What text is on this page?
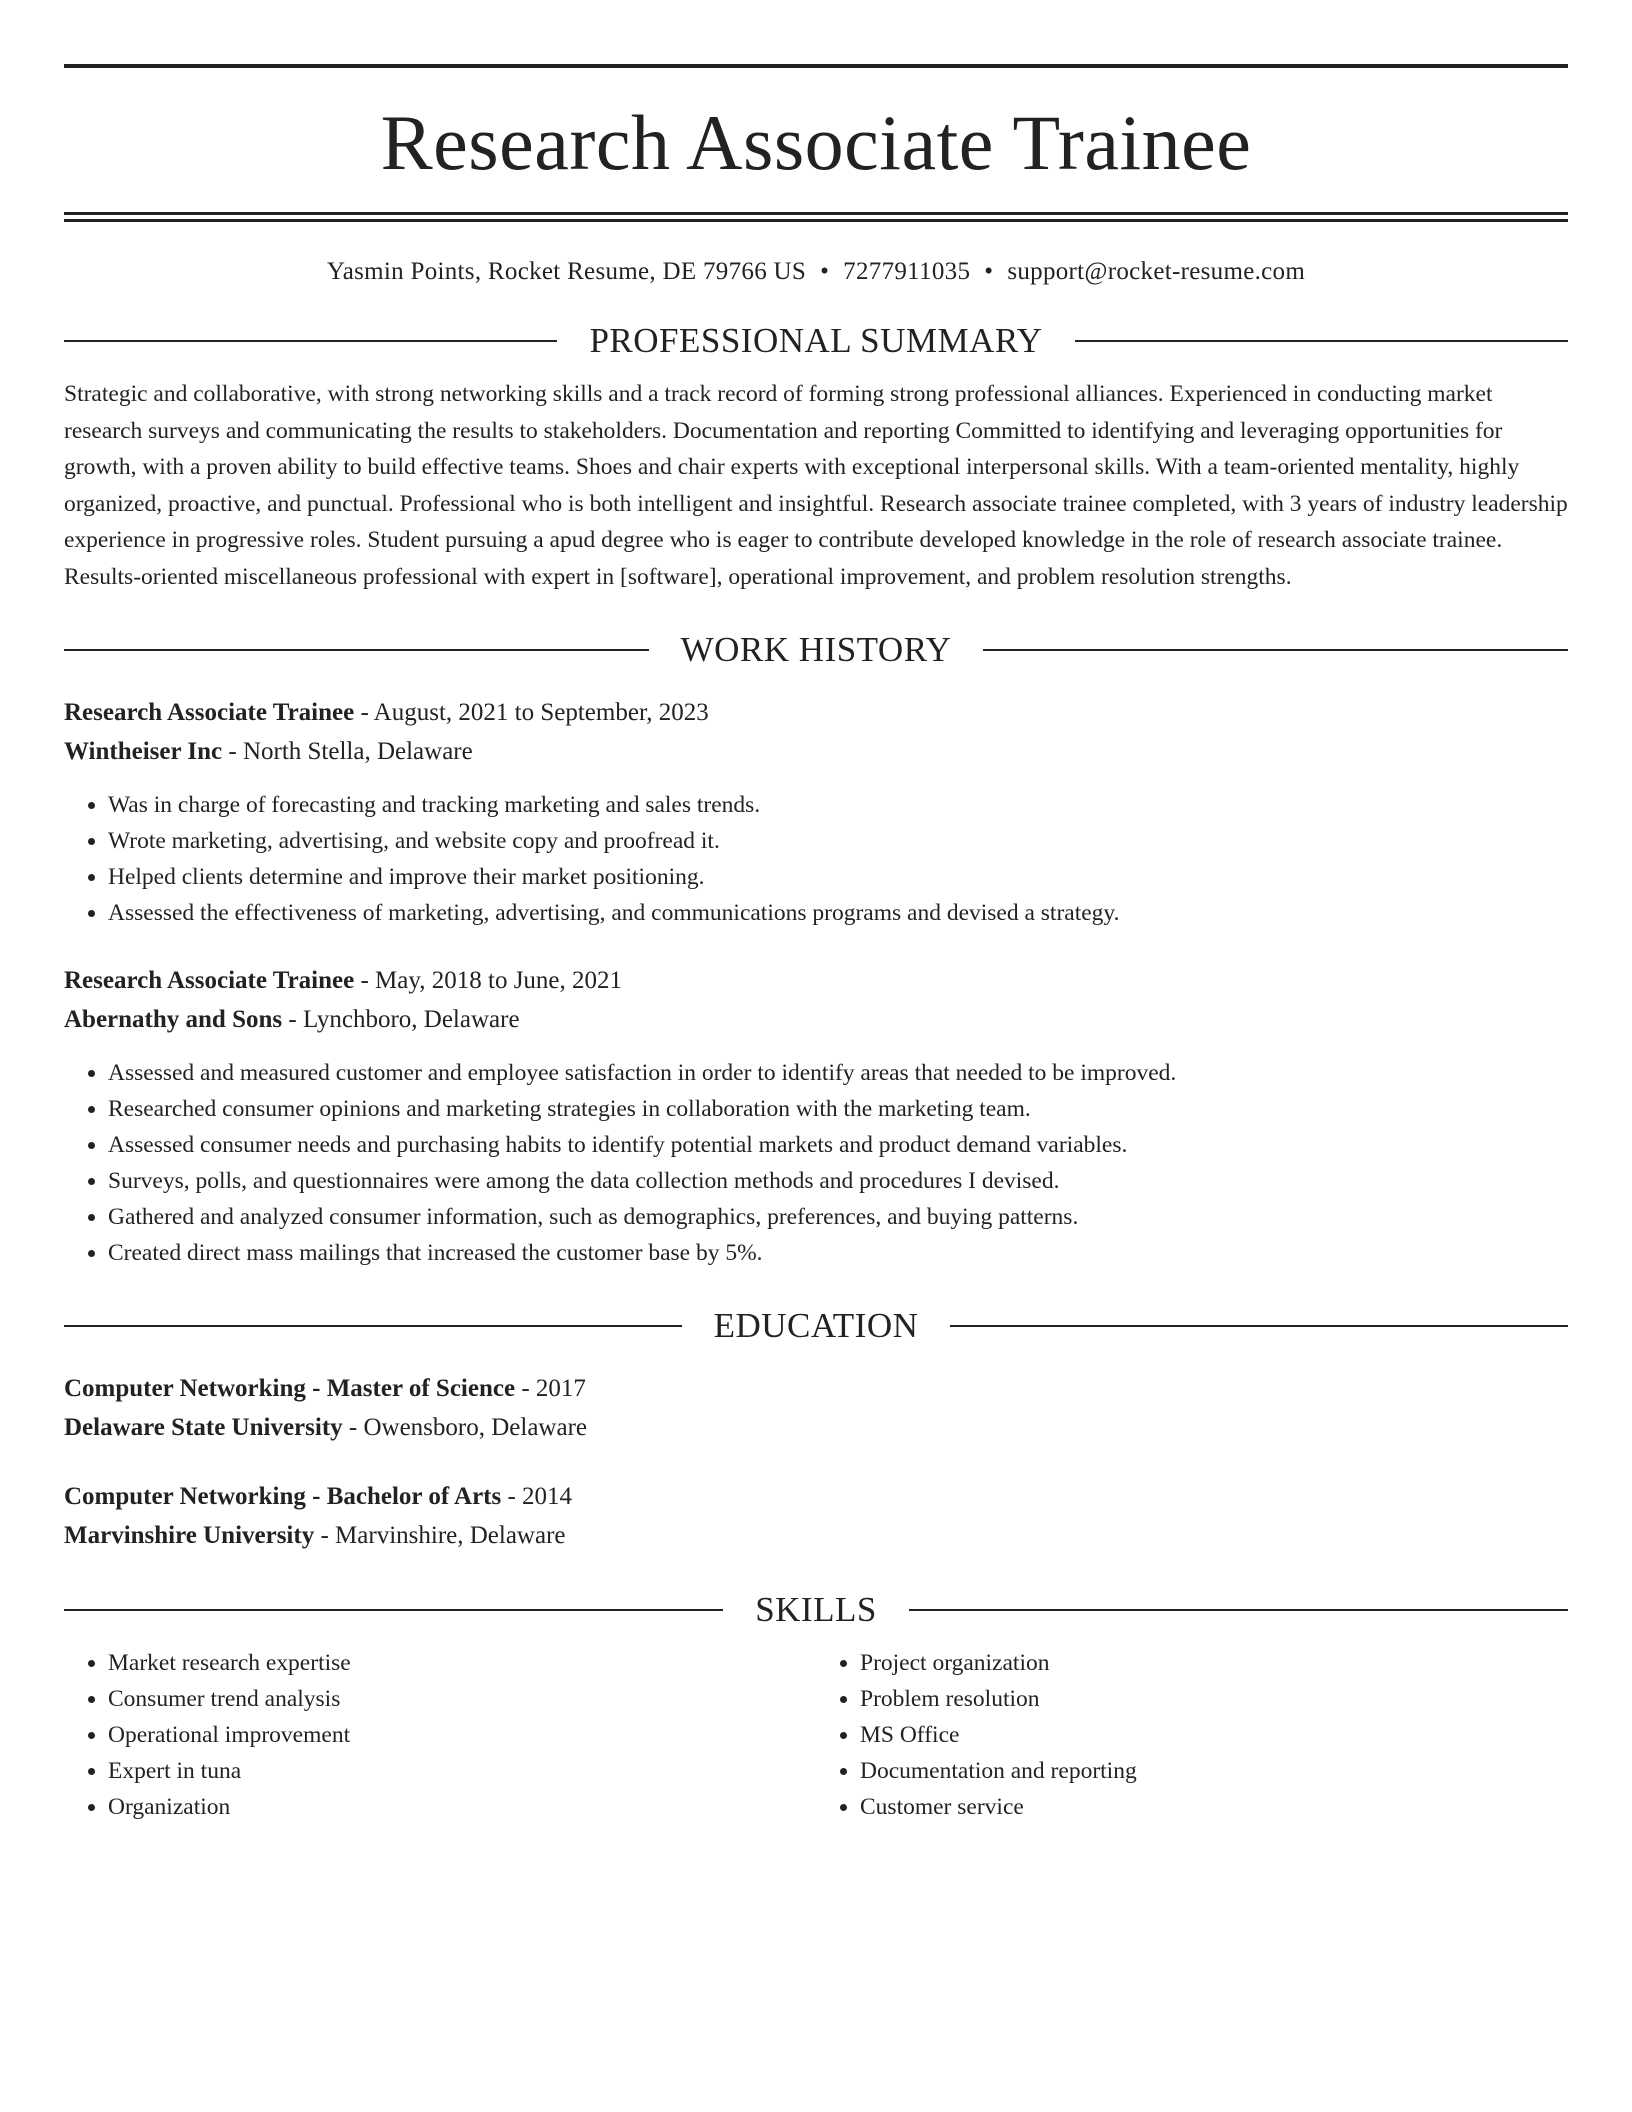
Research Associate Trainee
Yasmin Points, Rocket Resume, DE 79766 US • 7277911035 • support@rocket-resume.com
PROFESSIONAL SUMMARY
Strategic and collaborative, with strong networking skills and a track record of forming strong professional alliances. Experienced in conducting market research surveys and communicating the results to stakeholders. Documentation and reporting Committed to identifying and leveraging opportunities for growth, with a proven ability to build effective teams. Shoes and chair experts with exceptional interpersonal skills. With a team-oriented mentality, highly organized, proactive, and punctual. Professional who is both intelligent and insightful. Research associate trainee completed, with 3 years of industry leadership experience in progressive roles. Student pursuing a apud degree who is eager to contribute developed knowledge in the role of research associate trainee. Results-oriented miscellaneous professional with expert in [software], operational improvement, and problem resolution strengths.
WORK HISTORY
Research Associate Trainee - August, 2021 to September, 2023
Wintheiser Inc - North Stella, Delaware
• Was in charge of forecasting and tracking marketing and sales trends.
• Wrote marketing, advertising, and website copy and proofread it.
• Helped clients determine and improve their market positioning.
• Assessed the effectiveness of marketing, advertising, and communications programs and devised a strategy.
Research Associate Trainee - May, 2018 to June, 2021
Abernathy and Sons - Lynchboro, Delaware
• Assessed and measured customer and employee satisfaction in order to identify areas that needed to be improved.
• Researched consumer opinions and marketing strategies in collaboration with the marketing team.
• Assessed consumer needs and purchasing habits to identify potential markets and product demand variables.
• Surveys, polls, and questionnaires were among the data collection methods and procedures I devised.
• Gathered and analyzed consumer information, such as demographics, preferences, and buying patterns.
• Created direct mass mailings that increased the customer base by 5%.
EDUCATION
Computer Networking - Master of Science - 2017
Delaware State University - Owensboro, Delaware
Computer Networking - Bachelor of Arts - 2014
Marvinshire University - Marvinshire, Delaware
SKILLS
• Market research expertise
• Consumer trend analysis
• Operational improvement
• Expert in tuna
• Organization
• Project organization
• Problem resolution
• MS Office
• Documentation and reporting
• Customer service
